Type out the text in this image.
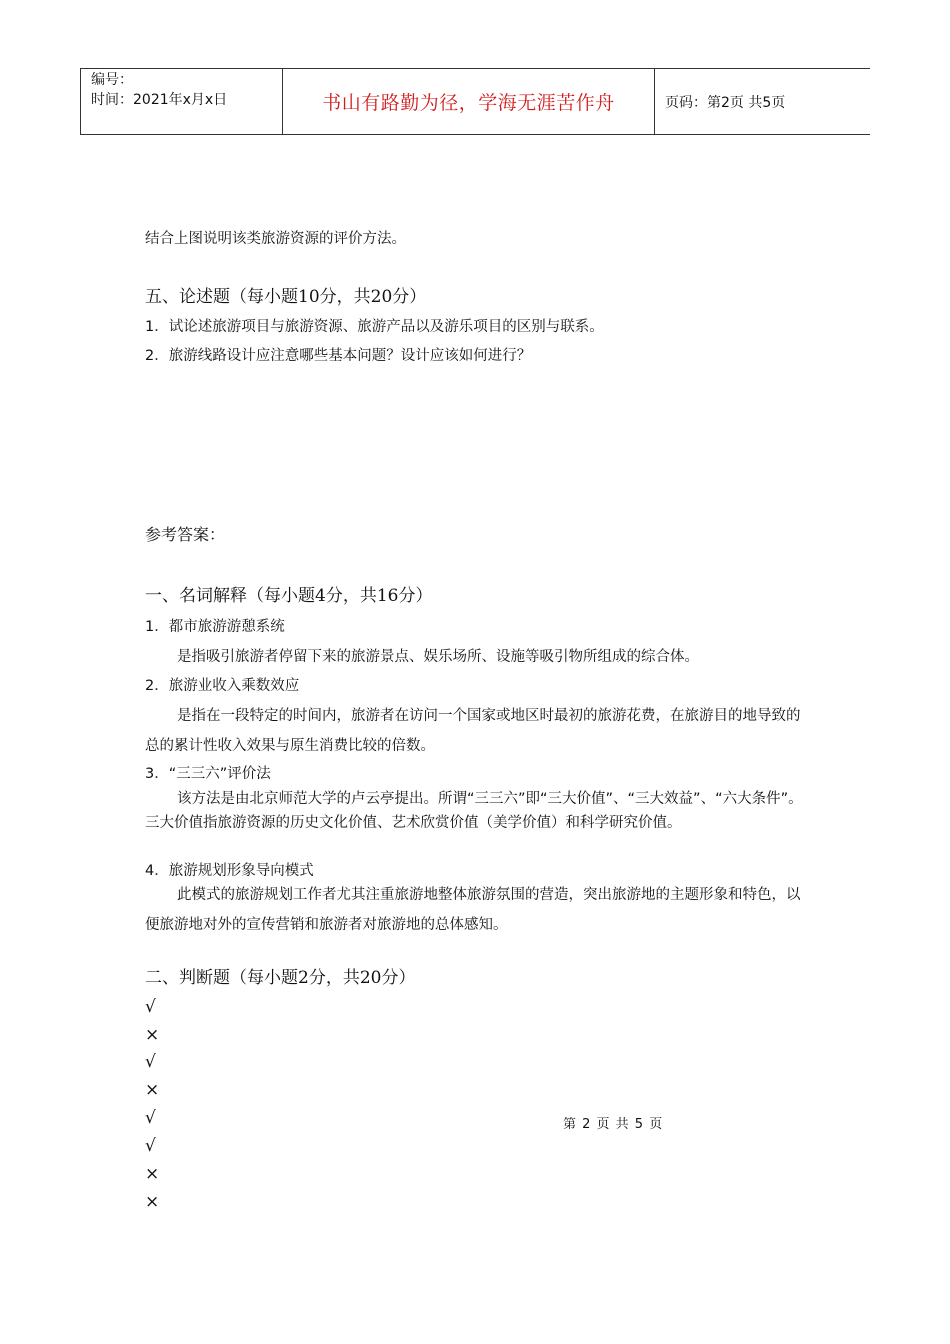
编号：
时间：2021年x月x日	书山有路勤为径，学海无涯苦作舟	页码：第2页 共5页
结合上图说明该类旅游资源的评价方法。
五、论述题（每小题10分，共20分）
1．试论述旅游项目与旅游资源、旅游产品以及游乐项目的区别与联系。
2．旅游线路设计应注意哪些基本问题？设计应该如何进行？
参考答案：
一、名词解释（每小题4分，共16分）
1．都市旅游游憩系统
是指吸引旅游者停留下来的旅游景点、娱乐场所、设施等吸引物所组成的综合体。
2．旅游业收入乘数效应
是指在一段特定的时间内，旅游者在访问一个国家或地区时最初的旅游花费，在旅游目的地导致的总的累计性收入效果与原生消费比较的倍数。
3．“三三六”评价法
该方法是由北京师范大学的卢云亭提出。所谓“三三六”即“三大价值”、“三大效益”、“六大条件”。三大价值指旅游资源的历史文化价值、艺术欣赏价值（美学价值）和科学研究价值。
4．旅游规划形象导向模式
此模式的旅游规划工作者尤其注重旅游地整体旅游氛围的营造，突出旅游地的主题形象和特色，以便旅游地对外的宣传营销和旅游者对旅游地的总体感知。
二、判断题（每小题2分，共20分）
√
×
√
×
√
√
×
×
第 2 页 共 5 页
